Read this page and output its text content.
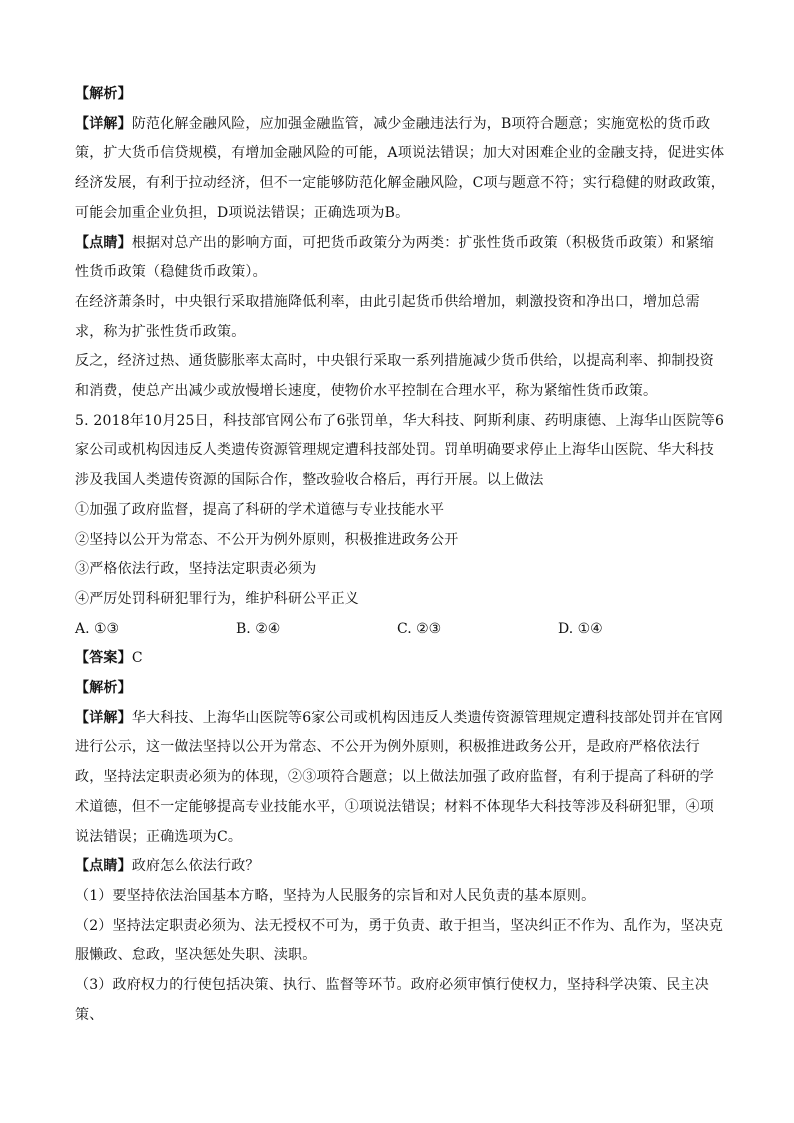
【解析】

【详解】防范化解金融风险，应加强金融监管，减少金融违法行为，B项符合题意；实施宽松的货币政策，扩大货币信贷规模，有增加金融风险的可能，A项说法错误；加大对困难企业的金融支持，促进实体经济发展，有利于拉动经济，但不一定能够防范化解金融风险，C项与题意不符；实行稳健的财政政策，可能会加重企业负担，D项说法错误；正确选项为B。

【点睛】根据对总产出的影响方面，可把货币政策分为两类：扩张性货币政策（积极货币政策）和紧缩性货币政策（稳健货币政策）。

在经济萧条时，中央银行采取措施降低利率，由此引起货币供给增加，刺激投资和净出口，增加总需求，称为扩张性货币政策。

反之，经济过热、通货膨胀率太高时，中央银行采取一系列措施减少货币供给，以提高利率、抑制投资和消费，使总产出减少或放慢增长速度，使物价水平控制在合理水平，称为紧缩性货币政策。

5. 2018年10月25日，科技部官网公布了6张罚单，华大科技、阿斯利康、药明康德、上海华山医院等6家公司或机构因违反人类遗传资源管理规定遭科技部处罚。罚单明确要求停止上海华山医院、华大科技涉及我国人类遗传资源的国际合作，整改验收合格后，再行开展。以上做法

①加强了政府监督，提高了科研的学术道德与专业技能水平

②坚持以公开为常态、不公开为例外原则，积极推进政务公开

③严格依法行政，坚持法定职责必须为

④严厉处罚科研犯罪行为，维护科研公平正义

A. ①③	B. ②④	C. ②③	D. ①④

【答案】C

【解析】

【详解】华大科技、上海华山医院等6家公司或机构因违反人类遗传资源管理规定遭科技部处罚并在官网进行公示，这一做法坚持以公开为常态、不公开为例外原则，积极推进政务公开，是政府严格依法行政，坚持法定职责必须为的体现，②③项符合题意；以上做法加强了政府监督，有利于提高了科研的学术道德，但不一定能够提高专业技能水平，①项说法错误；材料不体现华大科技等涉及科研犯罪，④项说法错误；正确选项为C。

【点睛】政府怎么依法行政？

（1）要坚持依法治国基本方略，坚持为人民服务的宗旨和对人民负责的基本原则。

（2）坚持法定职责必须为、法无授权不可为，勇于负责、敢于担当，坚决纠正不作为、乱作为，坚决克服懒政、怠政，坚决惩处失职、渎职。

（3）政府权力的行使包括决策、执行、监督等环节。政府必须审慎行使权力，坚持科学决策、民主决策、
